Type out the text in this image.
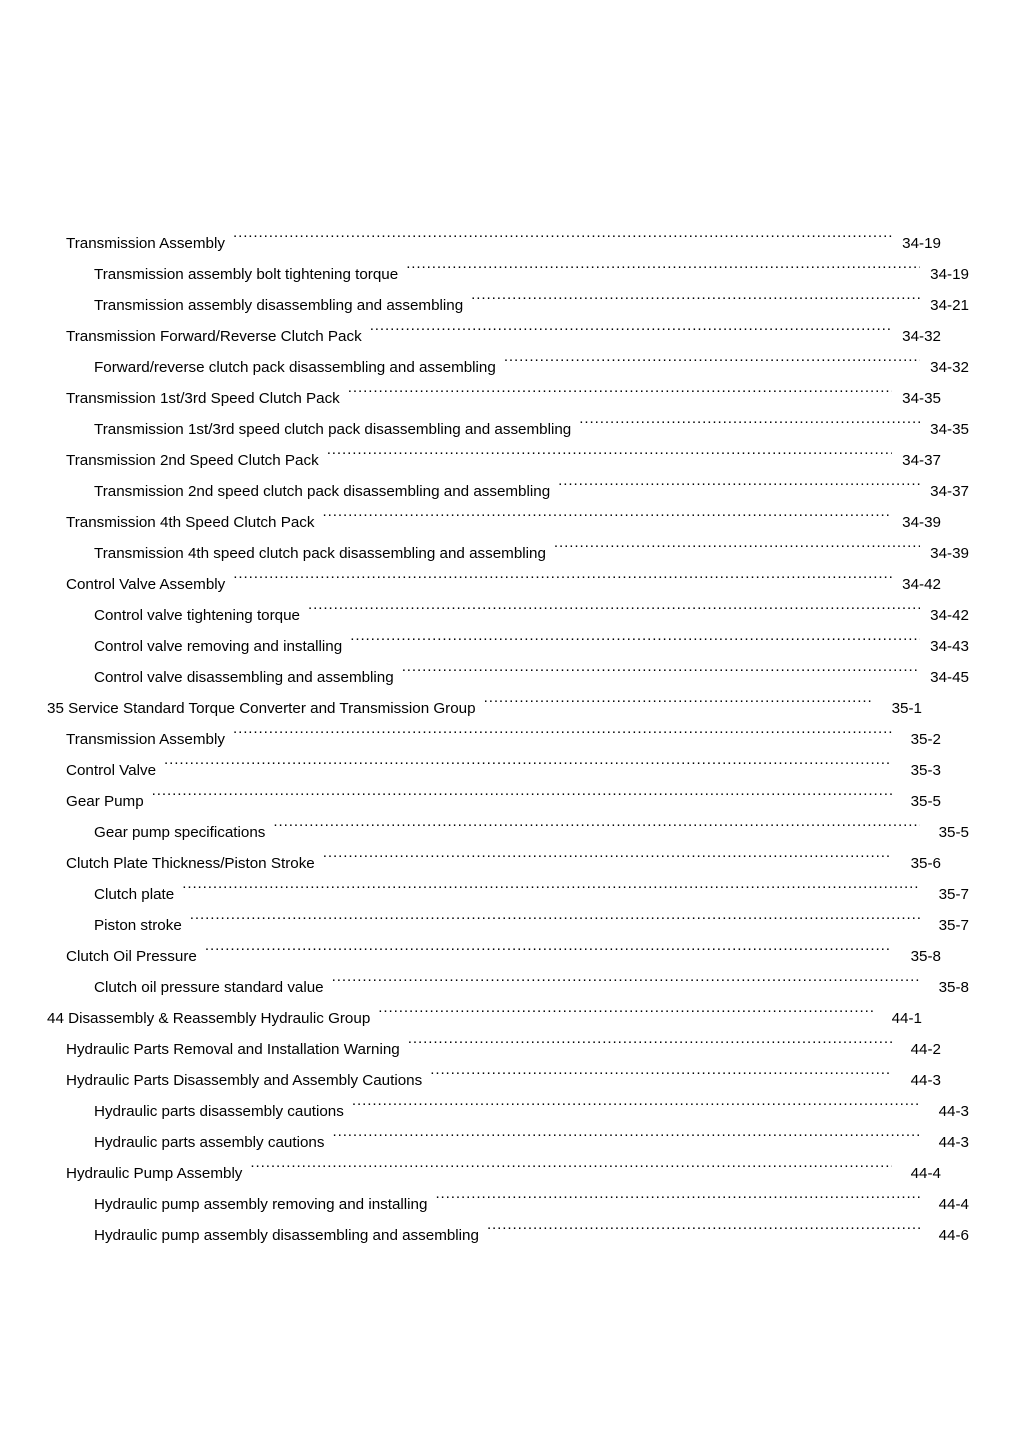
Transmission Assembly .....	34-19
Transmission assembly bolt tightening torque .....	34-19
Transmission assembly disassembling and assembling .....	34-21
Transmission Forward/Reverse Clutch Pack .....	34-32
Forward/reverse clutch pack disassembling and assembling .....	34-32
Transmission 1st/3rd Speed Clutch Pack .....	34-35
Transmission 1st/3rd speed clutch pack disassembling and assembling .....	34-35
Transmission 2nd Speed Clutch Pack .....	34-37
Transmission 2nd speed clutch pack disassembling and assembling .....	34-37
Transmission 4th Speed Clutch Pack .....	34-39
Transmission 4th speed clutch pack disassembling and assembling .....	34-39
Control Valve Assembly .....	34-42
Control valve tightening torque .....	34-42
Control valve removing and installing .....	34-43
Control valve disassembling and assembling .....	34-45
35 Service Standard Torque Converter and Transmission Group .....	35-1
Transmission Assembly .....	35-2
Control Valve .....	35-3
Gear Pump .....	35-5
Gear pump specifications .....	35-5
Clutch Plate Thickness/Piston Stroke .....	35-6
Clutch plate .....	35-7
Piston stroke .....	35-7
Clutch Oil Pressure .....	35-8
Clutch oil pressure standard value .....	35-8
44 Disassembly & Reassembly Hydraulic Group .....	44-1
Hydraulic Parts Removal and Installation Warning .....	44-2
Hydraulic Parts Disassembly and Assembly Cautions .....	44-3
Hydraulic parts disassembly cautions .....	44-3
Hydraulic parts assembly cautions .....	44-3
Hydraulic Pump Assembly .....	44-4
Hydraulic pump assembly removing and installing .....	44-4
Hydraulic pump assembly disassembling and assembling .....	44-6
